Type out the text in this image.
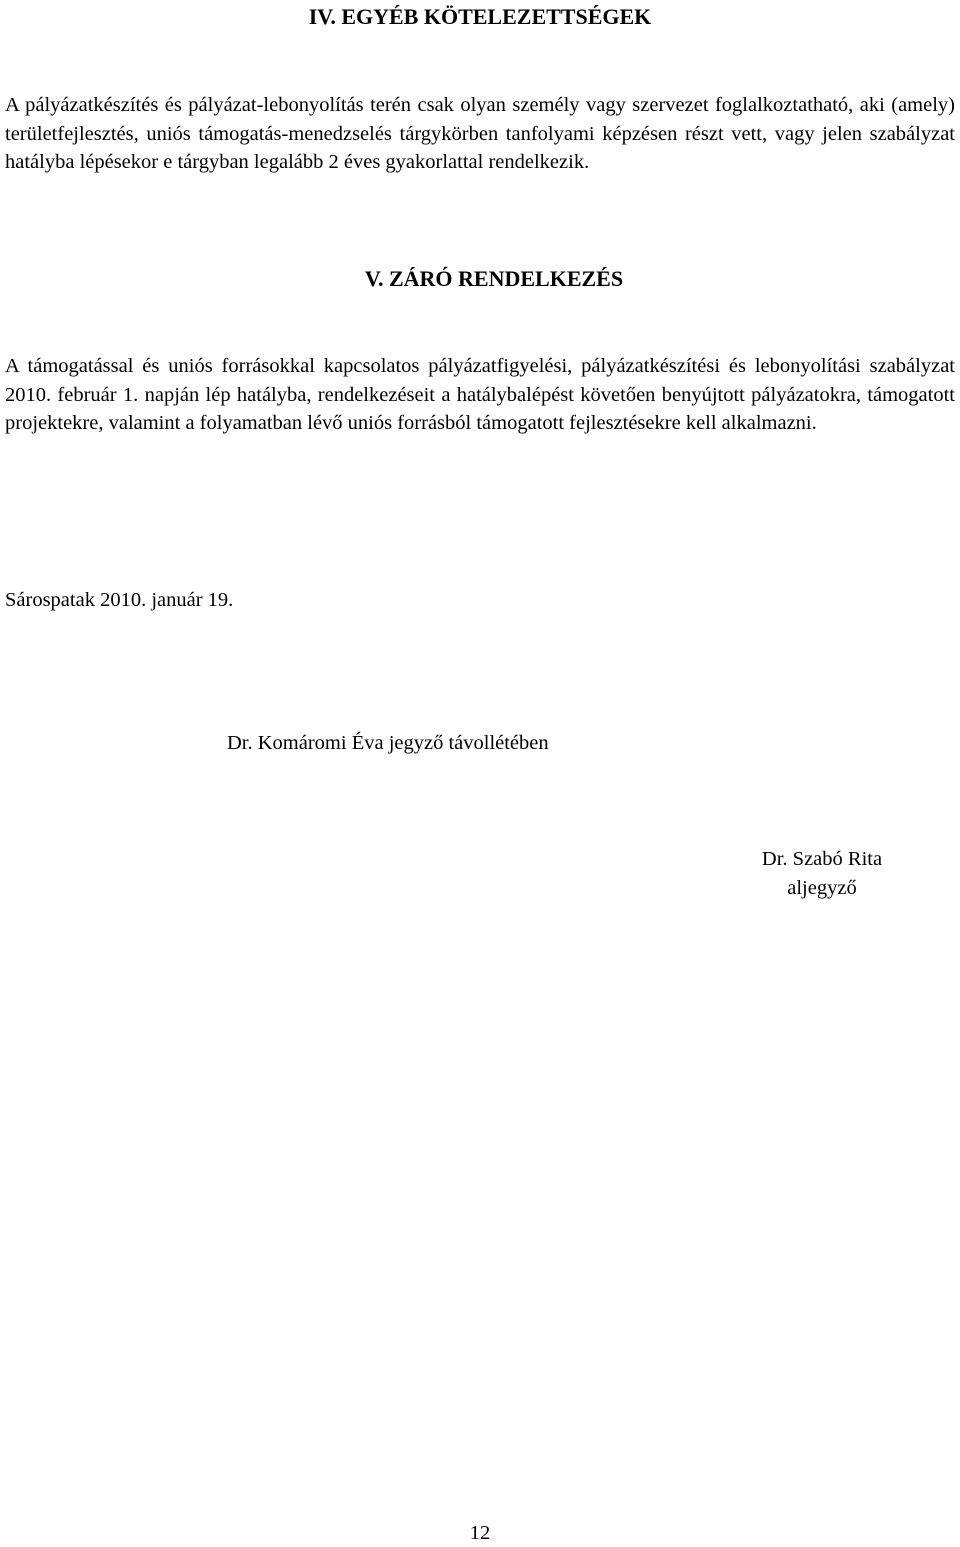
IV. EGYÉB KÖTELEZETTSÉGEK

A pályázatkészítés és pályázat-lebonyolítás terén csak olyan személy vagy szervezet foglalkoztatható, aki (amely) területfejlesztés, uniós támogatás-menedzselés tárgykörben tanfolyami képzésen részt vett, vagy jelen szabályzat hatályba lépésekor e tárgyban legalább 2 éves gyakorlattal rendelkezik.

V. ZÁRÓ RENDELKEZÉS

A támogatással és uniós forrásokkal kapcsolatos pályázatfigyelési, pályázatkészítési és lebonyolítási szabályzat 2010. február 1. napján lép hatályba, rendelkezéseit a hatálybalépést követően benyújtott pályázatokra, támogatott projektekre, valamint a folyamatban lévő uniós forrásból támogatott fejlesztésekre kell alkalmazni.

Sárospatak 2010. január 19.

Dr. Komáromi Éva jegyző távollétében

Dr. Szabó Rita

aljegyző

12
